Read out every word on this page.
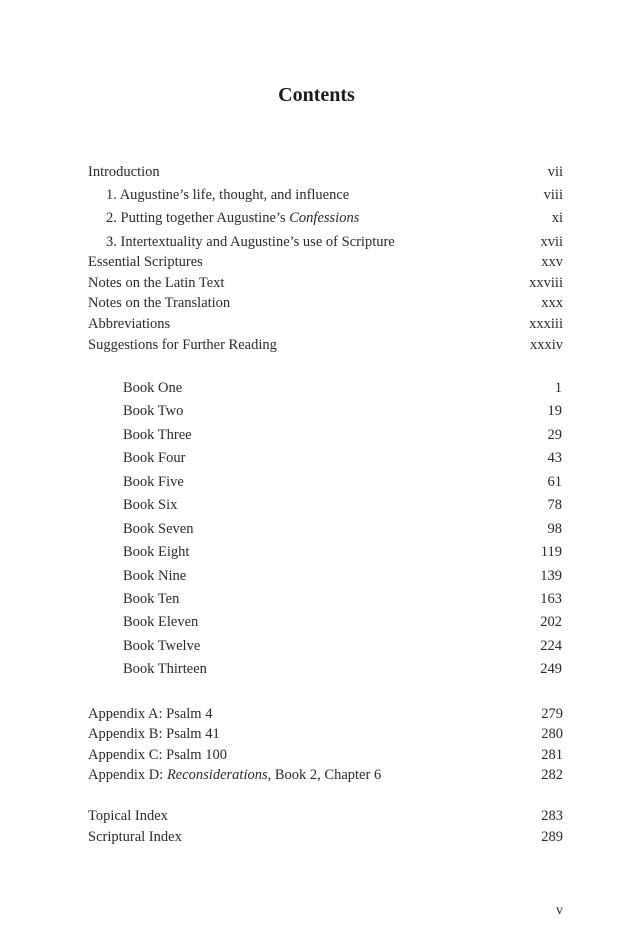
Contents
Introduction	vii
1. Augustine’s life, thought, and influence	viii
2. Putting together Augustine’s Confessions	xi
3. Intertextuality and Augustine’s use of Scripture	xvii
Essential Scriptures	xxv
Notes on the Latin Text	xxviii
Notes on the Translation	xxx
Abbreviations	xxxiii
Suggestions for Further Reading	xxxiv
Book One	1
Book Two	19
Book Three	29
Book Four	43
Book Five	61
Book Six	78
Book Seven	98
Book Eight	119
Book Nine	139
Book Ten	163
Book Eleven	202
Book Twelve	224
Book Thirteen	249
Appendix A: Psalm 4	279
Appendix B: Psalm 41	280
Appendix C: Psalm 100	281
Appendix D: Reconsiderations, Book 2, Chapter 6	282
Topical Index	283
Scriptural Index	289
v
